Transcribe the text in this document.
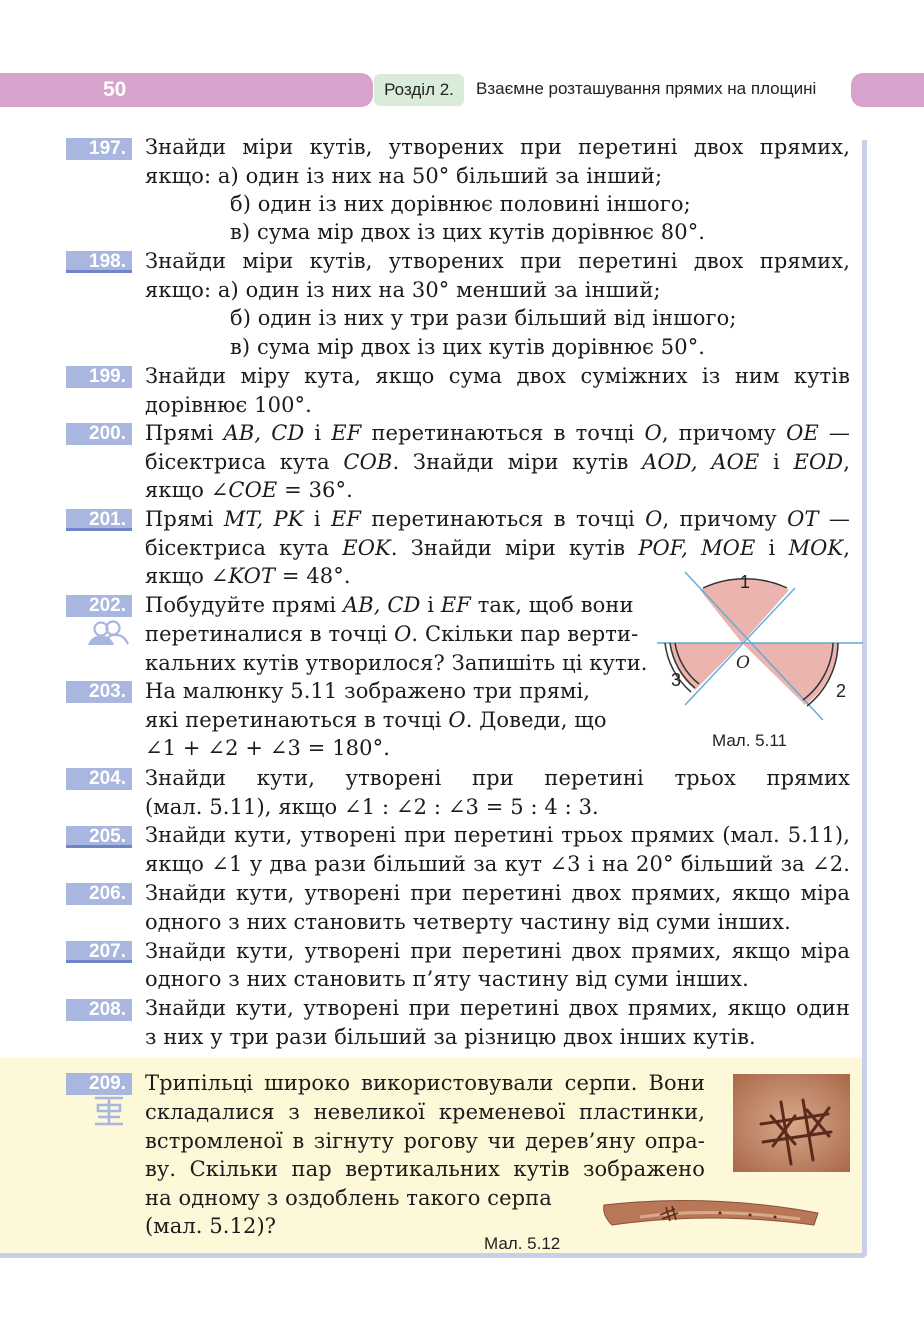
50	Розділ 2.	Взаємне розташування прямих на площині
197. Знайди міри кутів, утворених при перетині двох прямих,
якщо: а) один із них на 50° більший за інший;
б) один із них дорівнює половині іншого;
в) сума мір двох із цих кутів дорівнює 80°.
198. Знайди міри кутів, утворених при перетині двох прямих,
якщо: а) один із них на 30° менший за інший;
б) один із них у три рази більший від іншого;
в) сума мір двох із цих кутів дорівнює 50°.
199. Знайди міру кута, якщо сума двох суміжних із ним кутів
дорівнює 100°.
200. Прямі AB, CD і EF перетинаються в точці O, причому OE —
бісектриса кута COB. Знайди міри кутів AOD, AOE і EOD,
якщо ∠COE = 36°.
201. Прямі MT, PK і EF перетинаються в точці O, причому OT —
бісектриса кута EOK. Знайди міри кутів POF, MOE і MOK,
якщо ∠KOT = 48°.
202. Побудуйте прямі AB, CD і EF так, щоб вони
перетиналися в точці O. Скільки пар верти-
кальних кутів утворилося? Запишіть ці кути.
203. На малюнку 5.11 зображено три прямі,
які перетинаються в точці O. Доведи, що
∠1 + ∠2 + ∠3 = 180°.
1
2
3
O
Мал. 5.11
204. Знайди кути, утворені при перетині трьох прямих
(мал. 5.11), якщо ∠1 : ∠2 : ∠3 = 5 : 4 : 3.
205. Знайди кути, утворені при перетині трьох прямих (мал. 5.11),
якщо ∠1 у два рази більший за кут ∠3 і на 20° більший за ∠2.
206. Знайди кути, утворені при перетині двох прямих, якщо міра
одного з них становить четверту частину від суми інших.
207. Знайди кути, утворені при перетині двох прямих, якщо міра
одного з них становить п’яту частину від суми інших.
208. Знайди кути, утворені при перетині двох прямих, якщо один
з них у три рази більший за різницю двох інших кутів.
209. Трипільці широко використовували серпи. Вони
складалися з невеликої кременевої пластинки,
встромленої в зігнуту рогову чи дерев’яну опра-
ву. Скільки пар вертикальних кутів зображено
на одному з оздоблень такого серпа
(мал. 5.12)?
Мал. 5.12
